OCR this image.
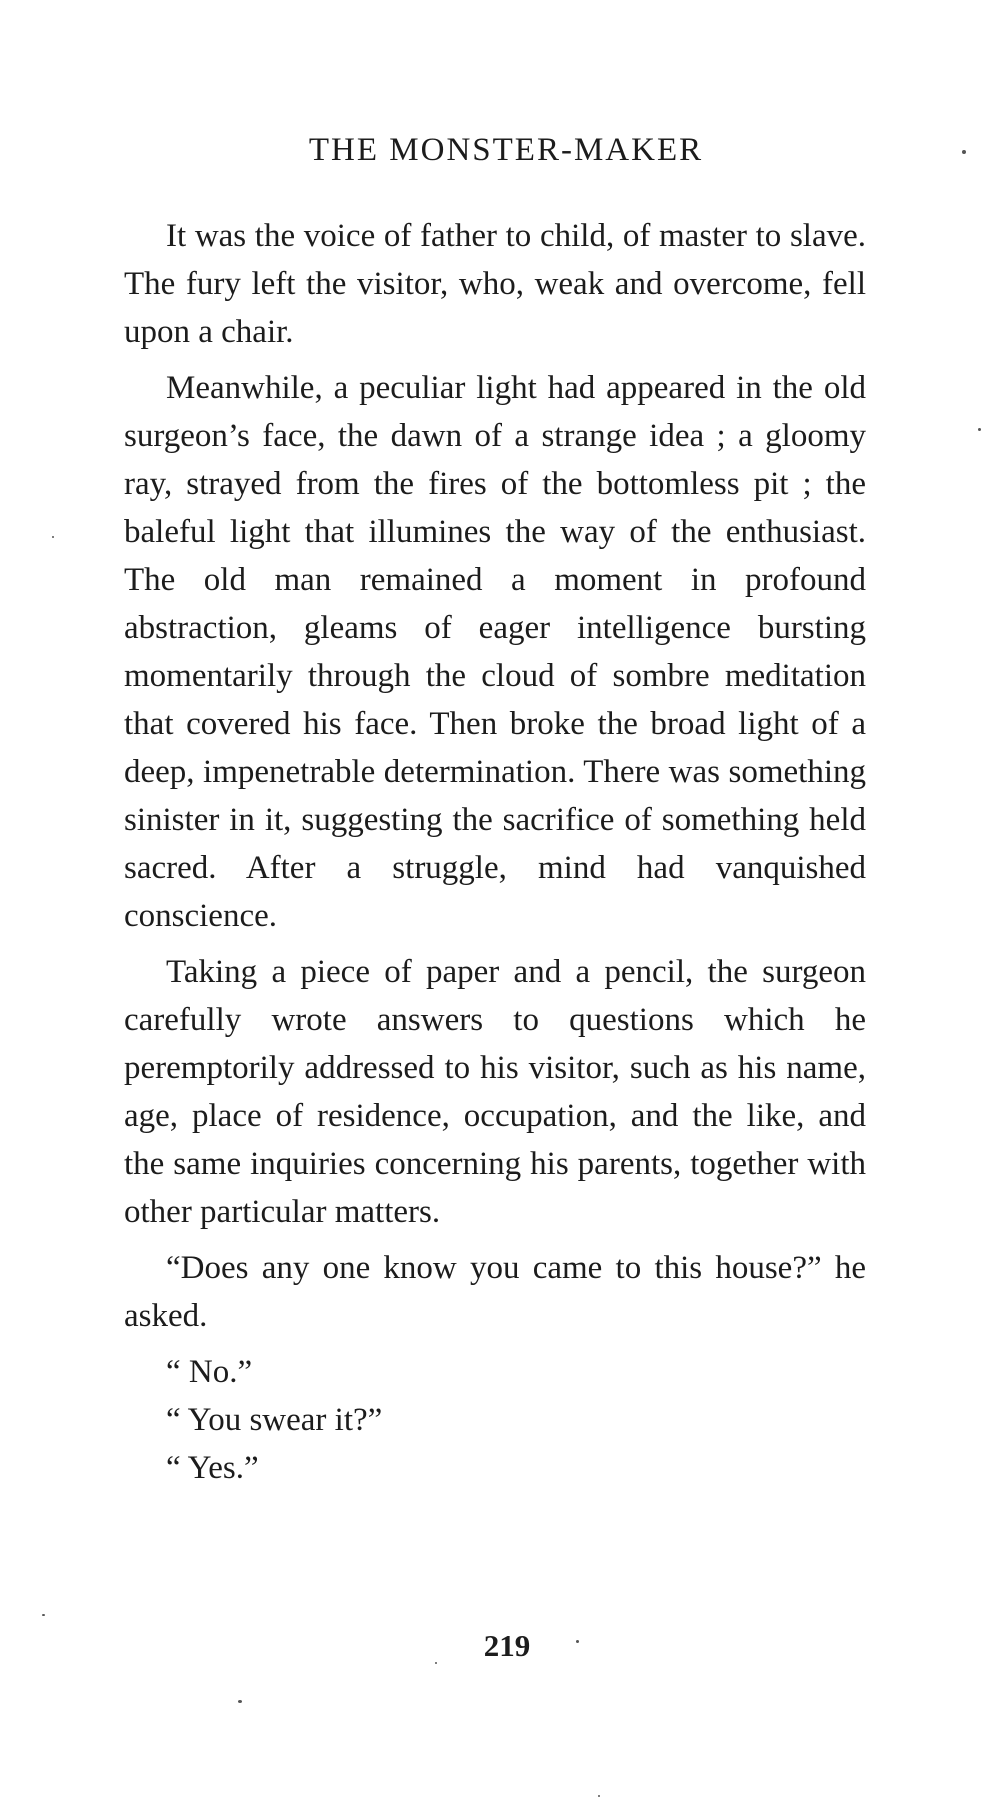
THE MONSTER-MAKER

It was the voice of father to child, of master to slave. The fury left the visitor, who, weak and overcome, fell upon a chair.

Meanwhile, a peculiar light had appeared in the old surgeon’s face, the dawn of a strange idea ; a gloomy ray, strayed from the fires of the bottomless pit ; the baleful light that illumines the way of the enthusiast. The old man remained a moment in profound abstraction, gleams of eager intelligence bursting momentarily through the cloud of sombre meditation that covered his face. Then broke the broad light of a deep, impenetrable determination. There was something sinister in it, suggesting the sacrifice of something held sacred. After a struggle, mind had vanquished conscience.

Taking a piece of paper and a pencil, the surgeon carefully wrote answers to questions which he peremptorily addressed to his visitor, such as his name, age, place of residence, occupation, and the like, and the same inquiries concerning his parents, together with other particular matters.

“Does any one know you came to this house?” he asked.

“ No.”

“ You swear it?”

“ Yes.”

219
